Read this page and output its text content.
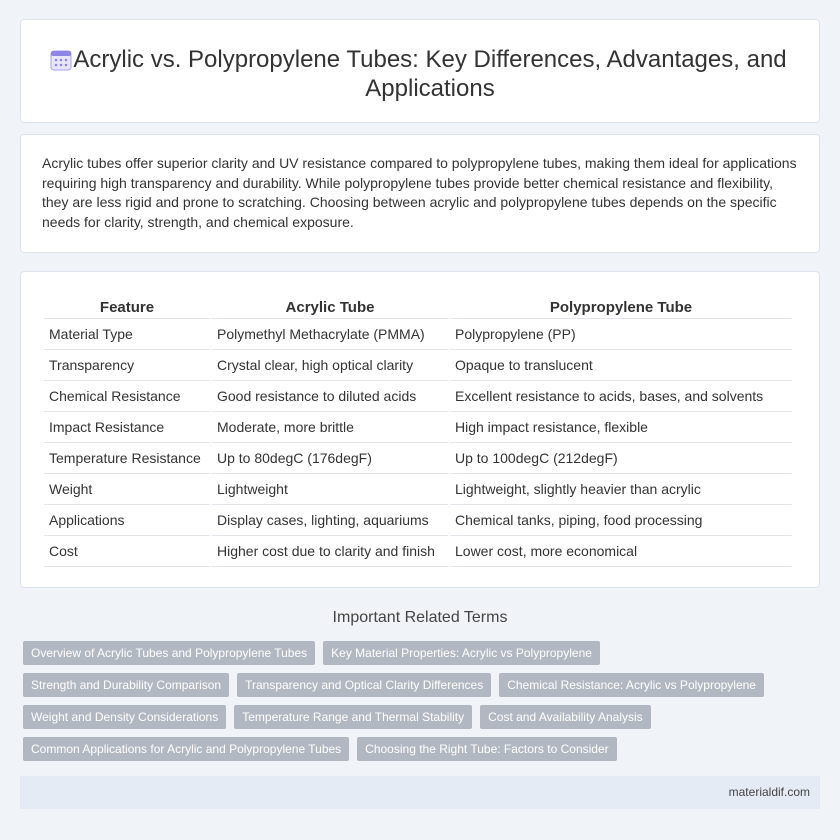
Acrylic vs. Polypropylene Tubes: Key Differences, Advantages, and Applications

Acrylic tubes offer superior clarity and UV resistance compared to polypropylene tubes, making them ideal for applications requiring high transparency and durability. While polypropylene tubes provide better chemical resistance and flexibility, they are less rigid and prone to scratching. Choosing between acrylic and polypropylene tubes depends on the specific needs for clarity, strength, and chemical exposure.

Feature	Acrylic Tube	Polypropylene Tube
Material Type	Polymethyl Methacrylate (PMMA)	Polypropylene (PP)
Transparency	Crystal clear, high optical clarity	Opaque to translucent
Chemical Resistance	Good resistance to diluted acids	Excellent resistance to acids, bases, and solvents
Impact Resistance	Moderate, more brittle	High impact resistance, flexible
Temperature Resistance	Up to 80degC (176degF)	Up to 100degC (212degF)
Weight	Lightweight	Lightweight, slightly heavier than acrylic
Applications	Display cases, lighting, aquariums	Chemical tanks, piping, food processing
Cost	Higher cost due to clarity and finish	Lower cost, more economical
Important Related Terms
Overview of Acrylic Tubes and Polypropylene Tubes	Key Material Properties: Acrylic vs Polypropylene
Strength and Durability Comparison	Transparency and Optical Clarity Differences	Chemical Resistance: Acrylic vs Polypropylene
Weight and Density Considerations	Temperature Range and Thermal Stability	Cost and Availability Analysis
Common Applications for Acrylic and Polypropylene Tubes	Choosing the Right Tube: Factors to Consider
materialdif.com
